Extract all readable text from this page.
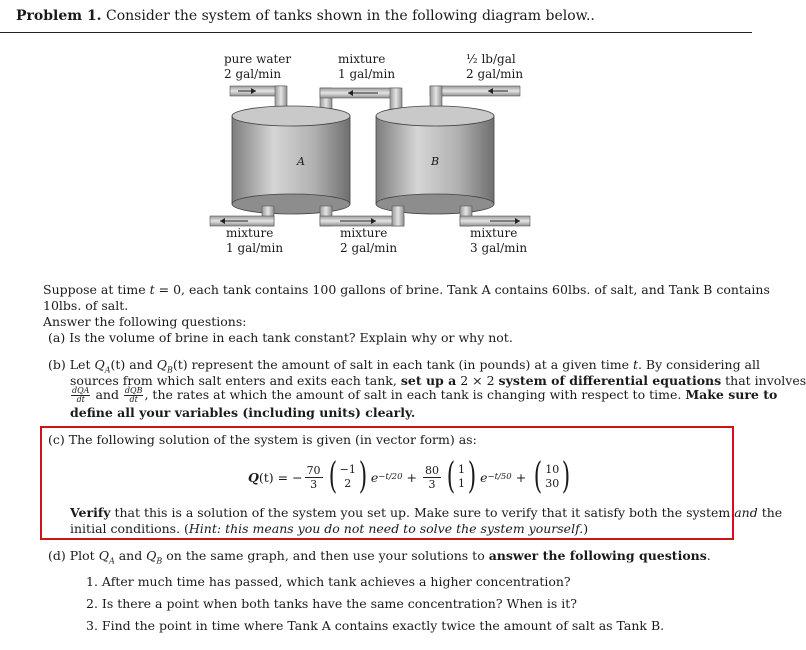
Problem 1. Consider the system of tanks shown in the following diagram below..
pure water
2 gal/min
mixture
1 gal/min
½ lb/gal
2 gal/min
A	B
mixture
1 gal/min
mixture
2 gal/min
mixture
3 gal/min
Suppose at time t = 0, each tank contains 100 gallons of brine. Tank A contains 60lbs. of salt, and Tank B contains
10lbs. of salt.
Answer the following questions:
(a) Is the volume of brine in each tank constant? Explain why or why not.
(b) Let $Q_A(t)$ and $Q_B(t)$ represent the amount of salt in each tank (in pounds) at a given time t. By considering all
sources from which salt enters and exits each tank, set up a 2 × 2 system of differential equations that involves
$\frac{\text{dQA}}{dt}$ and $\frac{\text{dQB}}{dt}$ , the rates at which the amount of salt in each tank is changing with respect to time. Make sure to
define all your variables (including units) clearly.
(c) The following solution of the system is given (in vector form) as:
Q (t) = − $\frac{70}{3}$ ( −1
2 ) $e -t/20 + \frac{80}{3}$ ( 1
1 ) e −t/50 + ( 10
30 )
Verify that this is a solution of the system you set up. Make sure to verify that it satisfy both the system and the
initial conditions. (Hint: this means you do not need to solve the system yourself.)
(d) Plot $Q_A$ and $Q_B$ on the same graph, and then use your solutions to answer the following questions.
1. After much time has passed, which tank achieves a higher concentration?
2. Is there a point when both tanks have the same concentration? When is it?
3. Find the point in time where Tank A contains exactly twice the amount of salt as Tank B.
